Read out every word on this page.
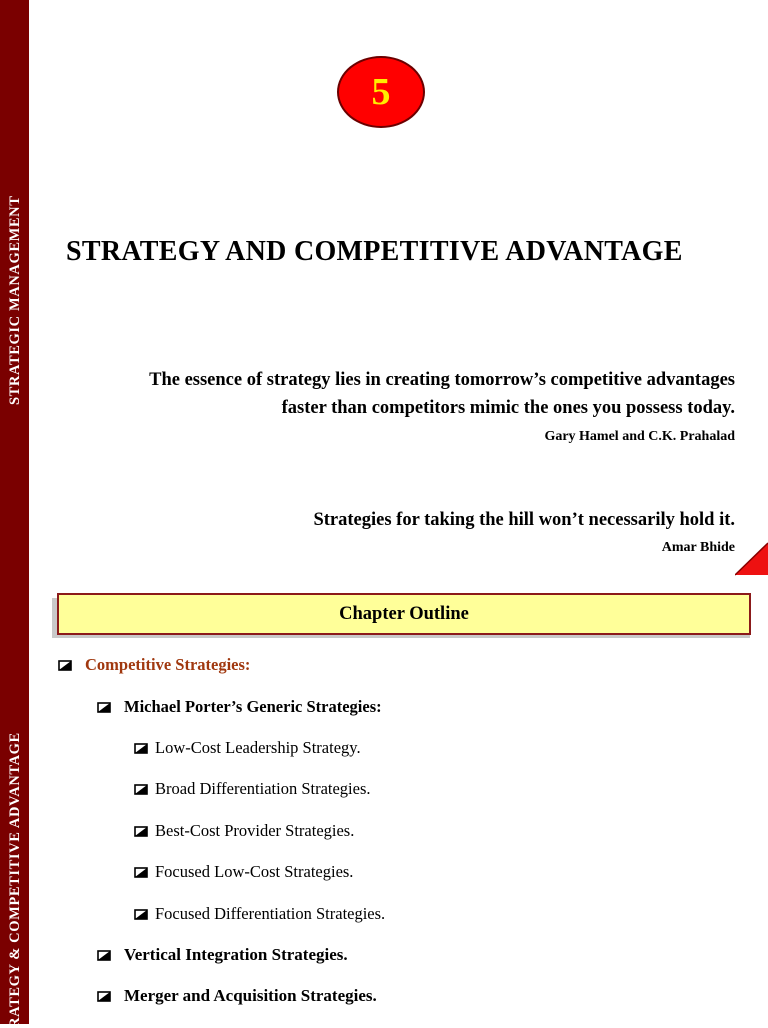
STRATEGIC MANAGEMENT
RATEGY & COMPETITIVE ADVANTAGE
5
STRATEGY AND COMPETITIVE ADVANTAGE
The essence of strategy lies in creating tomorrow’s competitive advantages
faster than competitors mimic the ones you possess today.
Gary Hamel and C.K. Prahalad
Strategies for taking the hill won’t necessarily hold it.
Amar Bhide
Chapter Outline
Competitive Strategies:
Michael Porter’s Generic Strategies:
Low-Cost Leadership Strategy.
Broad Differentiation Strategies.
Best-Cost Provider Strategies.
Focused Low-Cost Strategies.
Focused Differentiation Strategies.
Vertical Integration Strategies.
Merger and Acquisition Strategies.
